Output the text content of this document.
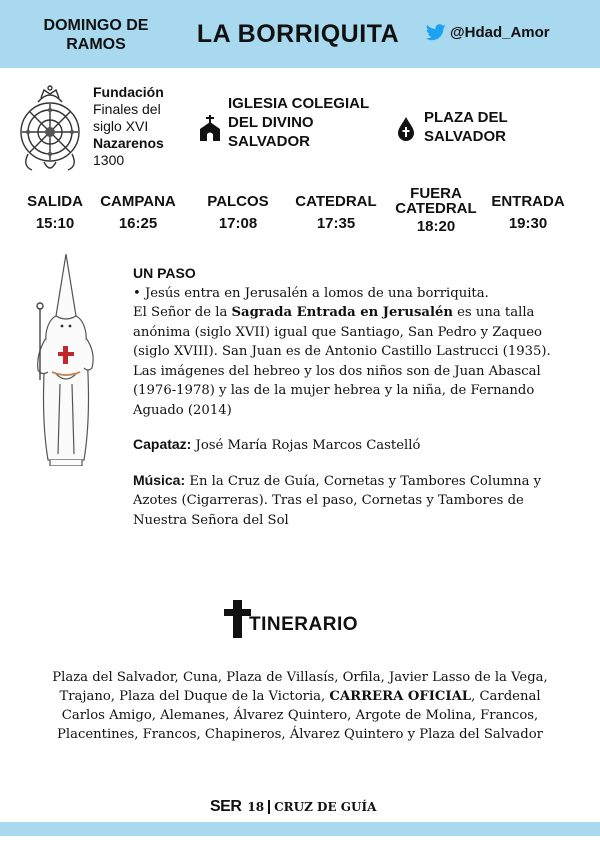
DOMINGO DE RAMOS	LA BORRIQUITA	@Hdad_Amor
Fundación
Finales del siglo XVI
Nazarenos
1300
IGLESIA COLEGIAL DEL DIVINO SALVADOR
PLAZA DEL SALVADOR
SALIDA
15:10
CAMPANA
16:25
PALCOS
17:08
CATEDRAL
17:35
FUERA CATEDRAL
18:20
ENTRADA
19:30
UN PASO

• Jesús entra en Jerusalén a lomos de una borriquita.

El Señor de la Sagrada Entrada en Jerusalén es una talla anónima (siglo XVII) igual que Santiago, San Pedro y Zaqueo (siglo XVIII). San Juan es de Antonio Castillo Lastrucci (1935). Las imágenes del hebreo y los dos niños son de Juan Abascal (1976-1978) y las de la mujer hebrea y la niña, de Fernando Aguado (2014)

Capataz: José María Rojas Marcos Castelló

Música: En la Cruz de Guía, Cornetas y Tambores Columna y Azotes (Cigarreras). Tras el paso, Cornetas y Tambores de Nuestra Señora del Sol

TINERARIO
Plaza del Salvador, Cuna, Plaza de Villasís, Orfila, Javier Lasso de la Vega, Trajano, Plaza del Duque de la Victoria, CARRERA OFICIAL, Cardenal Carlos Amigo, Alemanes, Álvarez Quintero, Argote de Molina, Francos, Placentines, Francos, Chapineros, Álvarez Quintero y Plaza del Salvador
SER 18 CRUZ DE GUÍA
